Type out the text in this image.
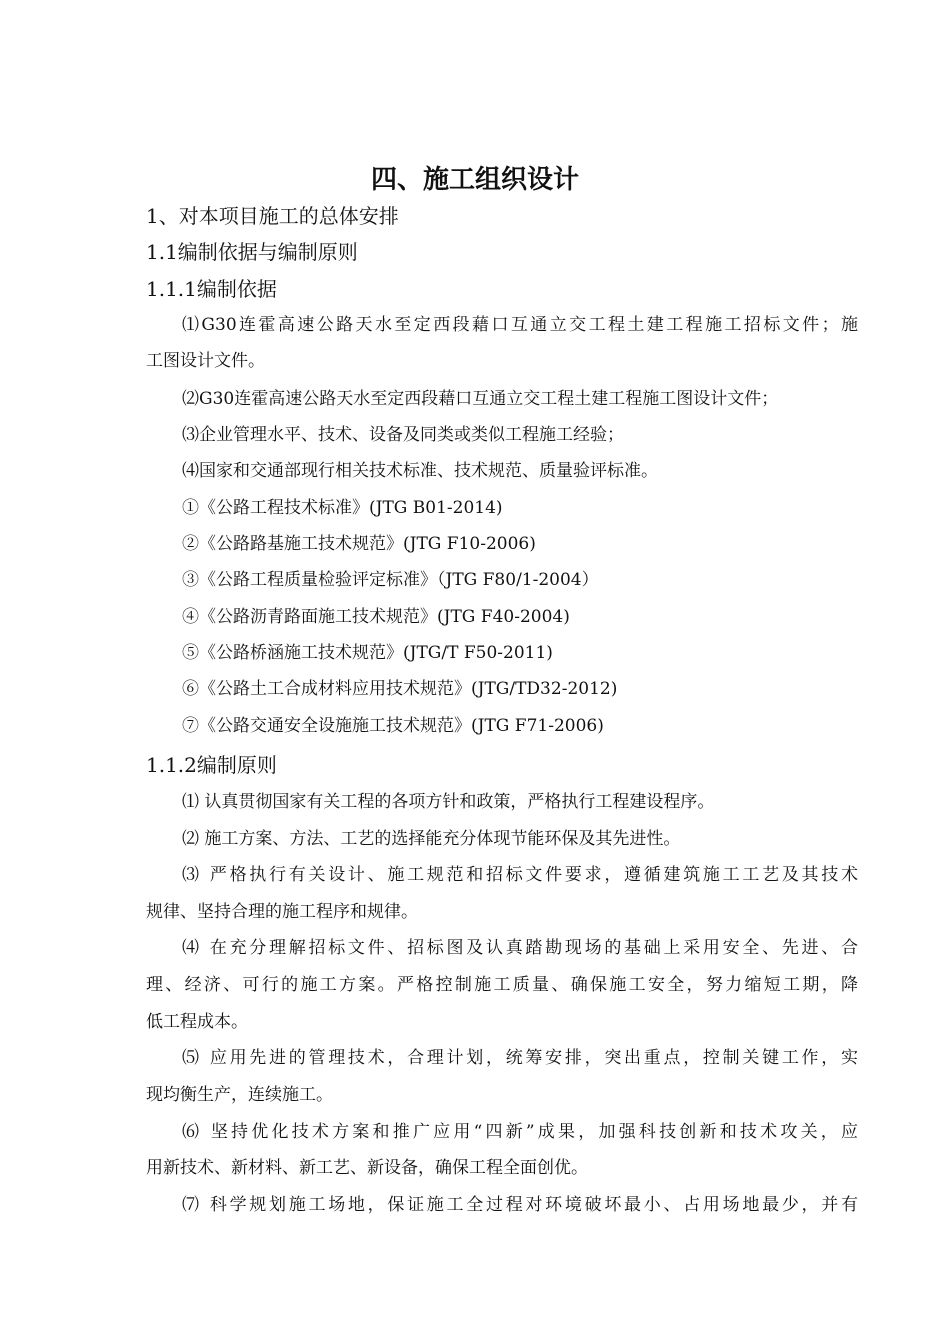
四、施工组织设计
1、对本项目施工的总体安排
1.1编制依据与编制原则
1.1.1编制依据
⑴G30连霍高速公路天水至定西段藉口互通立交工程土建工程施工招标文件；施
工图设计文件。
⑵G30连霍高速公路天水至定西段藉口互通立交工程土建工程施工图设计文件；
⑶企业管理水平、技术、设备及同类或类似工程施工经验；
⑷国家和交通部现行相关技术标准、技术规范、质量验评标准。
①《公路工程技术标准》(JTG B01-2014)
②《公路路基施工技术规范》(JTG F10-2006)
③《公路工程质量检验评定标准》（JTG F80/1-2004）
④《公路沥青路面施工技术规范》(JTG F40-2004)
⑤《公路桥涵施工技术规范》(JTG/T F50-2011)
⑥《公路土工合成材料应用技术规范》(JTG/TD32-2012)
⑦《公路交通安全设施施工技术规范》(JTG F71-2006)
1.1.2编制原则
⑴ 认真贯彻国家有关工程的各项方针和政策，严格执行工程建设程序。
⑵ 施工方案、方法、工艺的选择能充分体现节能环保及其先进性。
⑶ 严格执行有关设计、施工规范和招标文件要求，遵循建筑施工工艺及其技术
规律、坚持合理的施工程序和规律。
⑷ 在充分理解招标文件、招标图及认真踏勘现场的基础上采用安全、先进、合
理、经济、可行的施工方案。严格控制施工质量、确保施工安全，努力缩短工期，降
低工程成本。
⑸ 应用先进的管理技术，合理计划，统筹安排，突出重点，控制关键工作，实
现均衡生产，连续施工。
⑹ 坚持优化技术方案和推广应用“四新”成果，加强科技创新和技术攻关，应
用新技术、新材料、新工艺、新设备，确保工程全面创优。
⑺ 科学规划施工场地，保证施工全过程对环境破坏最小、占用场地最少，并有
